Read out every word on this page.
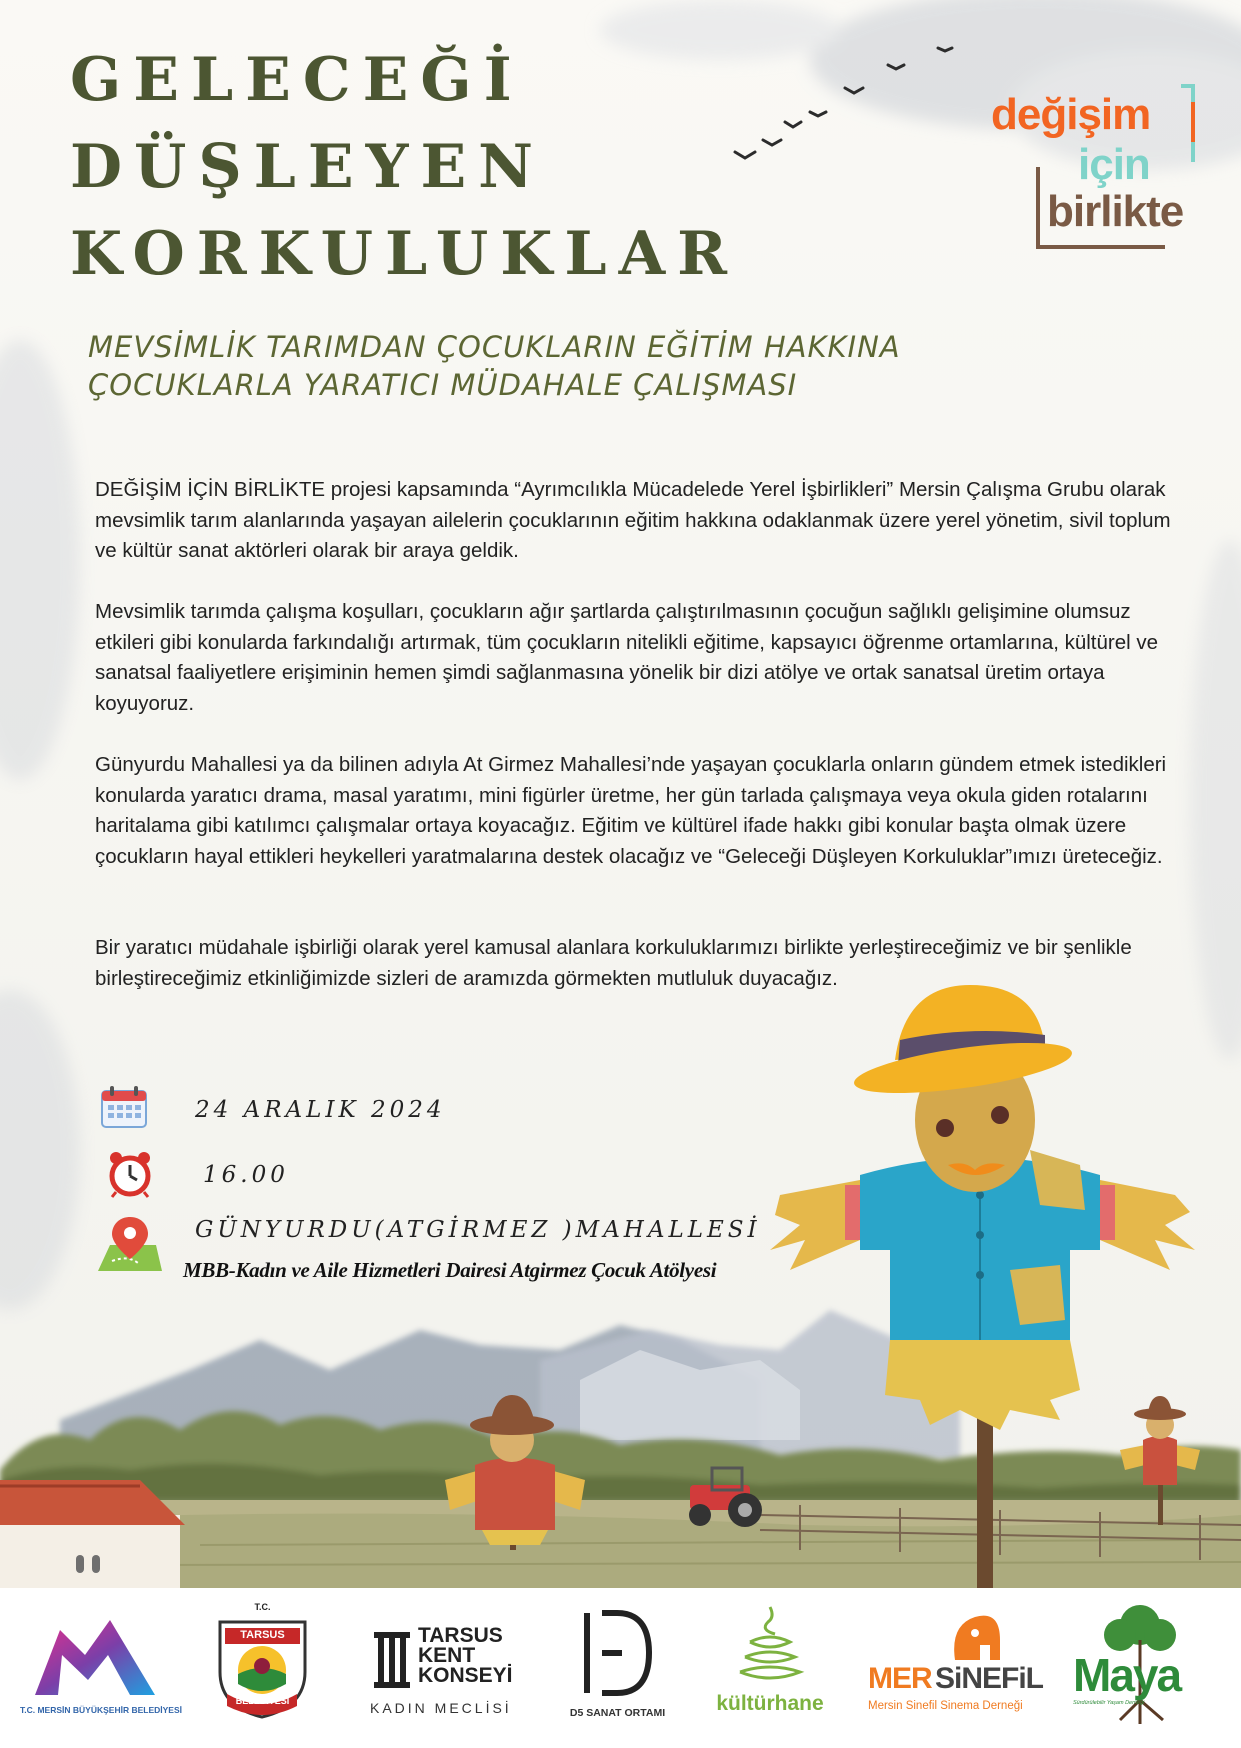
GELECEĞİ
DÜŞLEYEN
KORKULUKLAR
MEVSİMLİK TARIMDAN ÇOCUKLARIN EĞİTİM HAKKINA
ÇOCUKLARLA YARATICI MÜDAHALE ÇALIŞMASI
değişim
için
birlikte

DEĞİŞİM İÇİN BİRLİKTE projesi kapsamında “Ayrımcılıkla Mücadelede Yerel İşbirlikleri” Mersin Çalışma Grubu olarak mevsimlik tarım alanlarında yaşayan ailelerin çocuklarının eğitim hakkına odaklanmak üzere yerel yönetim, sivil toplum ve kültür sanat aktörleri olarak bir araya geldik.

Mevsimlik tarımda çalışma koşulları, çocukların ağır şartlarda çalıştırılmasının çocuğun sağlıklı gelişimine olumsuz etkileri gibi konularda farkındalığı artırmak, tüm çocukların nitelikli eğitime, kapsayıcı öğrenme ortamlarına, kültürel ve sanatsal faaliyetlere erişiminin hemen şimdi sağlanmasına yönelik bir dizi atölye ve ortak sanatsal üretim ortaya koyuyoruz.

Günyurdu Mahallesi ya da bilinen adıyla At Girmez Mahallesi’nde yaşayan çocuklarla onların gündem etmek istedikleri konularda yaratıcı drama, masal yaratımı, mini figürler üretme, her gün tarlada çalışmaya veya okula giden rotalarını haritalama gibi katılımcı çalışmalar ortaya koyacağız. Eğitim ve kültürel ifade hakkı gibi konular başta olmak üzere çocukların hayal ettikleri heykelleri yaratmalarına destek olacağız ve “Geleceği Düşleyen Korkuluklar”ımızı üreteceğiz.

Bir yaratıcı müdahale işbirliği olarak yerel kamusal alanlara korkuluklarımızı birlikte yerleştireceğimiz ve bir şenlikle birleştireceğimiz etkinliğimizde sizleri de aramızda görmekten mutluluk duyacağız.

24 ARALIK 2024
16.00
GÜNYURDU(ATGİRMEZ )MAHALLESİ
MBB-Kadın ve Aile Hizmetleri Dairesi Atgirmez Çocuk Atölyesi
T.C. MERSİN BÜYÜKŞEHİR BELEDİYESİ
T.C.
TARSUS
BELEDİYESİ
TARSUS
KENT
KONSEYİ
KADIN MECLİSİ	D5 SANAT ORTAMI	kültürhane
MER SiNEFiL
Mersin Sinefil Sinema Derneği
Maya
Sürdürülebilir Yaşam Derneği
